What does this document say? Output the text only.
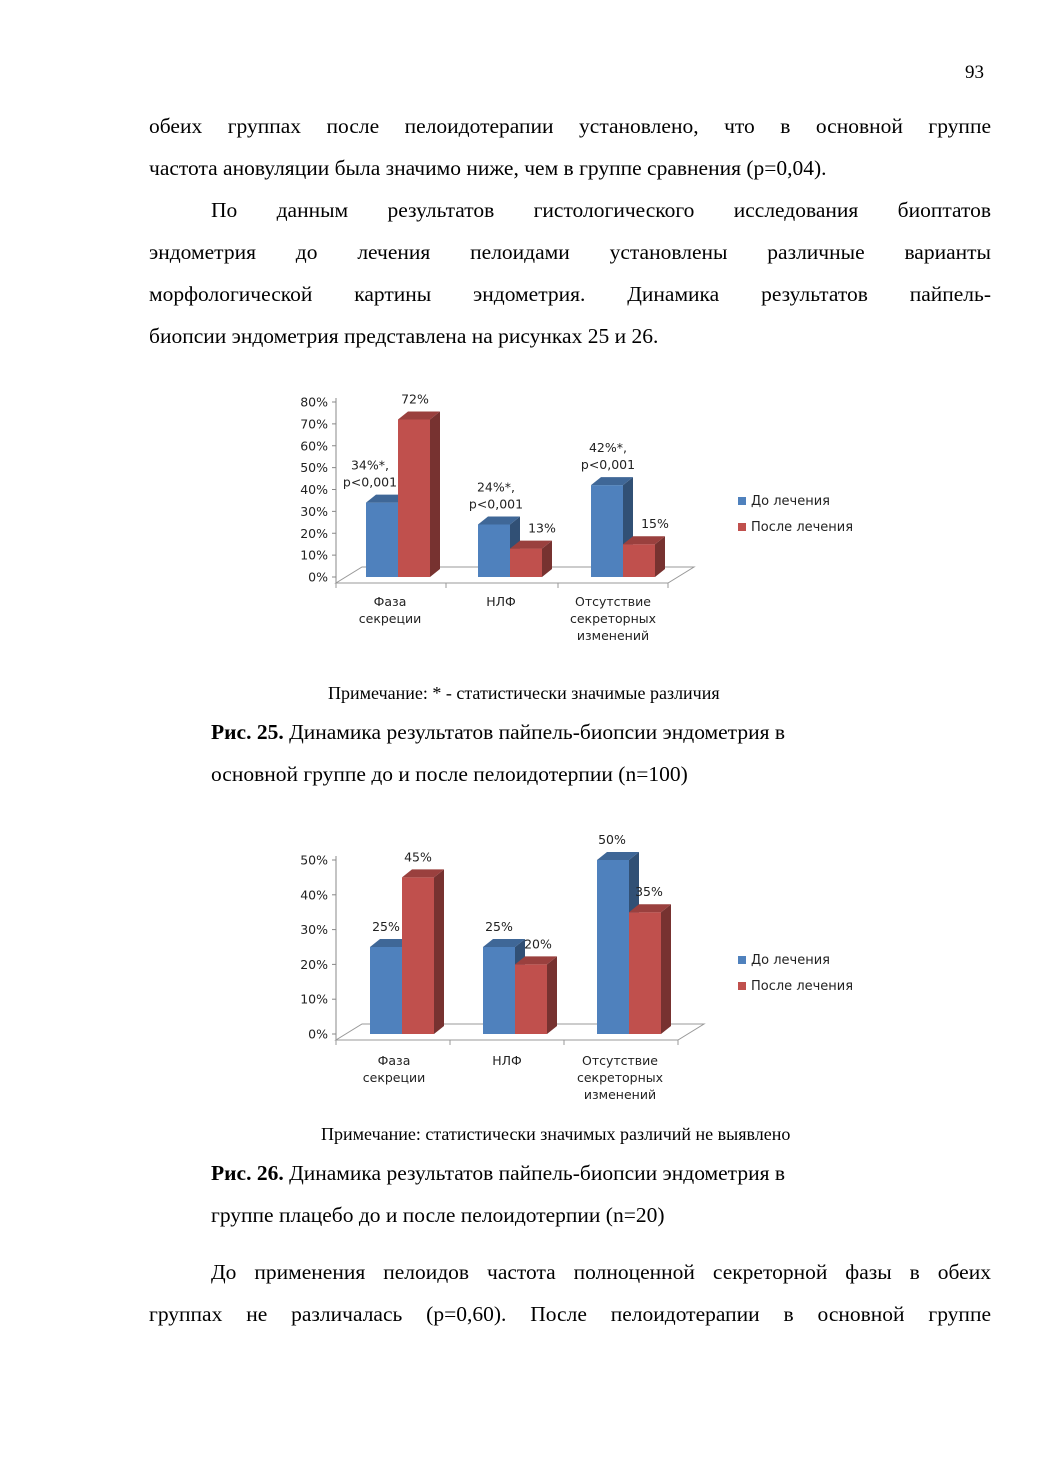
93
обеих группах после пелоидотерапии установлено, что в основной группе
частота ановуляции была значимо ниже, чем в группе сравнения (р=0,04).
По данным результатов гистологического исследования биоптатов
эндометрия до лечения пелоидами установлены различные варианты
морфологической картины эндометрия. Динамика результатов пайпель-
биопсии эндометрия представлена на рисунках 25 и 26.
0%
10%
20%
30%
40%
50%
60%
70%
80%
34%*,
p<0,001
72%
Фаза
секреции
24%*,
p<0,001
13%
НЛФ
42%*,
p<0,001
15%
Отсутствие
секреторных
изменений
До лечения
После лечения
Примечание: * - статистически значимые различия
Рис. 25. Динамика результатов пайпель-биопсии эндометрия в
основной группе до и после пелоидотерпии (n=100)
0%
10%
20%
30%
40%
50%
25%
45%
Фаза
секреции
25%
20%
НЛФ
50%
35%
Отсутствие
секреторных
изменений
До лечения
После лечения
Примечание: статистически значимых различий не выявлено
Рис. 26. Динамика результатов пайпель-биопсии эндометрия в
группе плацебо до и после пелоидотерпии (n=20)
До применения пелоидов частота полноценной секреторной фазы в обеих
группах не различалась (р=0,60). После пелоидотерапии в основной группе
